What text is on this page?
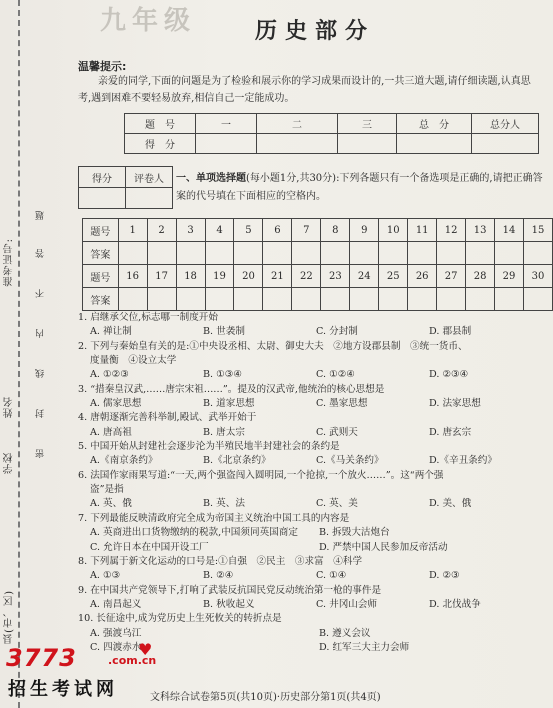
准考证号:
姓名
学校
县(市、区)
题
答
不
内
线
封
密
九年级	历史部分
温馨提示:
亲爱的同学,下面的问题是为了检验和展示你的学习成果而设计的,一共三道大题,请仔细读题,认真思考,遇到困难不要轻易放弃,相信自己一定能成功。
题　号	一	二	三	总　分	总分人
得　分					
得分	评卷人
	一、单项选择题(每小题1分,共30分):下列各题只有一个备选项是正确的,请把正确答案的代号填在下面相应的空格内。
题号	1	2	3	4	5	6	7	8	9	10	11	12	13	14	15
答案															
题号	16	17	18	19	20	21	22	23	24	25	26	27	28	29	30
答案															
1. 启继承父位,标志哪一制度开始
A. 禅让制	B. 世袭制	C. 分封制	D. 郡县制
2. 下列与秦始皇有关的是:①中央设丞相、太尉、御史大夫　②地方设郡县制　③统一货币、
度量衡　④设立太学
A. ①②③	B. ①③④	C. ①②④	D. ②③④
3. “措秦皇汉武,……唐宗宋祖……”。提及的汉武帝,他统治的核心思想是
A. 儒家思想	B. 道家思想	C. 墨家思想	D. 法家思想
4. 唐朝逐渐完善科举制,殿试、武举开始于
A. 唐高祖	B. 唐太宗	C. 武则天	D. 唐玄宗
5. 中国开始从封建社会逐步沦为半殖民地半封建社会的条约是
A.《南京条约》	B.《北京条约》	C.《马关条约》	D.《辛丑条约》
6. 法国作家雨果写道:“一天,两个强盗闯入圆明园,一个抢掠,一个放火……”。这“两个强
盗”是指
A. 英、俄	B. 英、法	C. 英、美	D. 美、俄
7. 下列最能反映清政府完全成为帝国主义统治中国工具的内容是
A. 英商进出口货物缴纳的税款,中国须同英国商定	B. 拆毁大沽炮台
C. 允许日本在中国开设工厂	D. 严禁中国人民参加反帝活动
8. 下列属于新文化运动的口号是:①自强　②民主　③求富　④科学
A. ①③	B. ②④	C. ①④	D. ②③
9. 在中国共产党领导下,打响了武装反抗国民党反动统治第一枪的事件是
A. 南昌起义	B. 秋收起义	C. 井冈山会师	D. 北伐战争
10. 长征途中,成为党历史上生死攸关的转折点是
A. 强渡乌江	B. 遵义会议
C. 四渡赤水	D. 红军三大主力会师
文科综合试卷第5页(共10页)·历史部分第1页(共4页)
3773	♥
.com.cn
招生考试网
